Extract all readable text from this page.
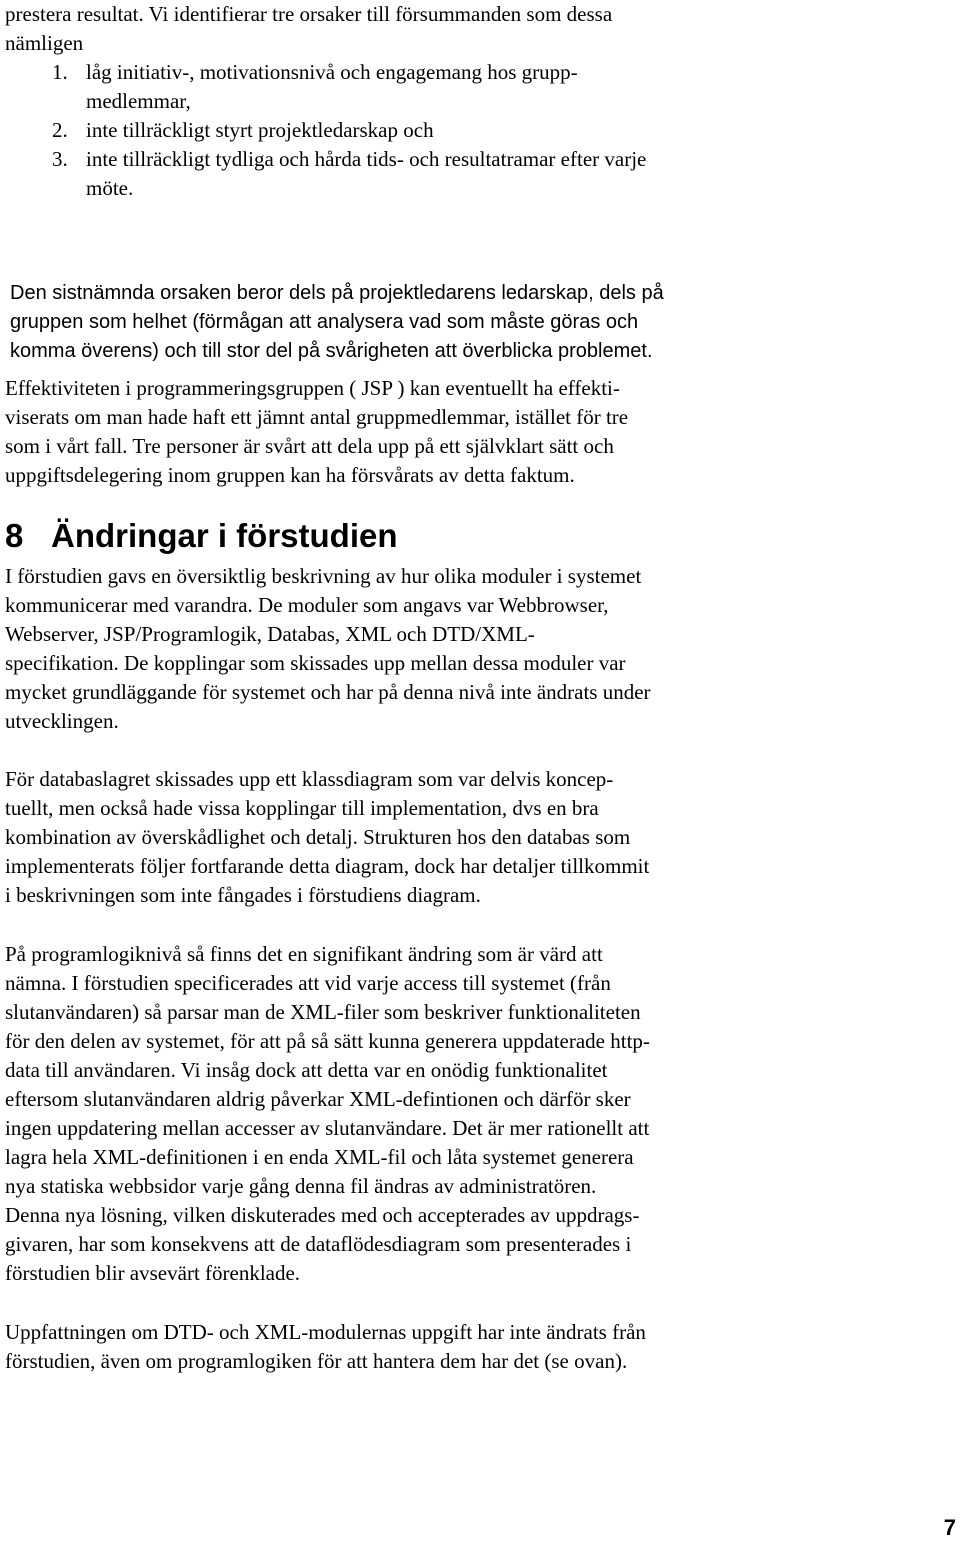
prestera resultat. Vi identifierar tre orsaker till försummanden som dessa
nämligen

1. låg initiativ-, motivationsnivå och engagemang hos grupp-
medlemmar,
2. inte tillräckligt styrt projektledarskap och
3. inte tillräckligt tydliga och hårda tids- och resultatramar efter varje
möte.

Den sistnämnda orsaken beror dels på projektledarens ledarskap, dels på
gruppen som helhet (förmågan att analysera vad som måste göras och
komma överens) och till stor del på svårigheten att överblicka problemet.

Effektiviteten i programmeringsgruppen ( JSP ) kan eventuellt ha effekti-
viserats om man hade haft ett jämnt antal gruppmedlemmar, istället för tre
som i vårt fall. Tre personer är svårt att dela upp på ett självklart sätt och
uppgiftsdelegering inom gruppen kan ha försvårats av detta faktum.

8 Ändringar i förstudien

I förstudien gavs en översiktlig beskrivning av hur olika moduler i systemet
kommunicerar med varandra. De moduler som angavs var Webbrowser,
Webserver, JSP/Programlogik, Databas, XML och DTD/XML-
specifikation. De kopplingar som skissades upp mellan dessa moduler var
mycket grundläggande för systemet och har på denna nivå inte ändrats under
utvecklingen.

För databaslagret skissades upp ett klassdiagram som var delvis koncep-
tuellt, men också hade vissa kopplingar till implementation, dvs en bra
kombination av överskådlighet och detalj. Strukturen hos den databas som
implementerats följer fortfarande detta diagram, dock har detaljer tillkommit
i beskrivningen som inte fångades i förstudiens diagram.

På programlogiknivå så finns det en signifikant ändring som är värd att
nämna. I förstudien specificerades att vid varje access till systemet (från
slutanvändaren) så parsar man de XML-filer som beskriver funktionaliteten
för den delen av systemet, för att på så sätt kunna generera uppdaterade http-
data till användaren. Vi insåg dock att detta var en onödig funktionalitet
eftersom slutanvändaren aldrig påverkar XML-defintionen och därför sker
ingen uppdatering mellan accesser av slutanvändare. Det är mer rationellt att
lagra hela XML-definitionen i en enda XML-fil och låta systemet generera
nya statiska webbsidor varje gång denna fil ändras av administratören.
Denna nya lösning, vilken diskuterades med och accepterades av uppdrags-
givaren, har som konsekvens att de dataflödesdiagram som presenterades i
förstudien blir avsevärt förenklade.

Uppfattningen om DTD- och XML-modulernas uppgift har inte ändrats från
förstudien, även om programlogiken för att hantera dem har det (se ovan).

7
